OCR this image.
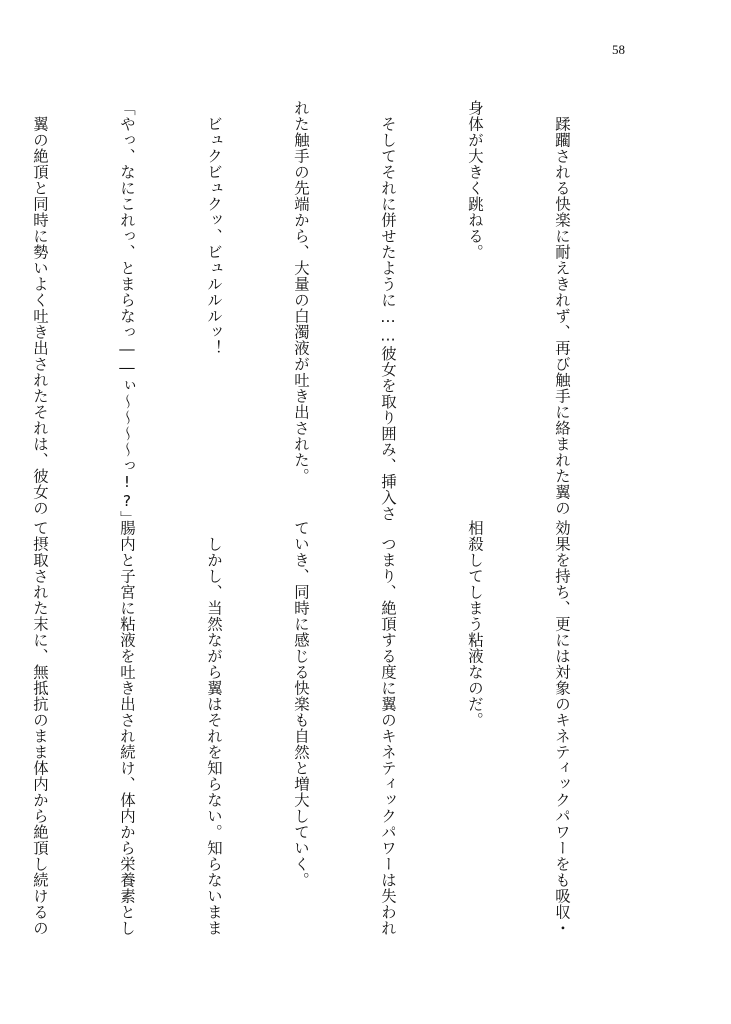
58

　蹂躙される快楽に耐えきれず、再び触手に絡まれた翼の

身体が大きく跳ねる。

　そしてそれに併せたように……彼女を取り囲み、挿入さ

れた触手の先端から、大量の白濁液が吐き出された。

　ビュクビュクッ、ビュルルルッ！

「やっ、なにこれっ、とまらなっ――ぃ〜〜〜〜っ!?」

　翼の絶頂と同時に勢いよく吐き出されたそれは、彼女の

効果を持ち、更には対象のキネティックパワーをも吸収・

相殺してしまう粘液なのだ。

　つまり、絶頂する度に翼のキネティックパワーは失われ

ていき、同時に感じる快楽も自然と増大していく。

　しかし、当然ながら翼はそれを知らない。知らないまま

腸内と子宮に粘液を吐き出され続け、体内から栄養素とし

て摂取された末に、無抵抗のまま体内から絶頂し続けるの
